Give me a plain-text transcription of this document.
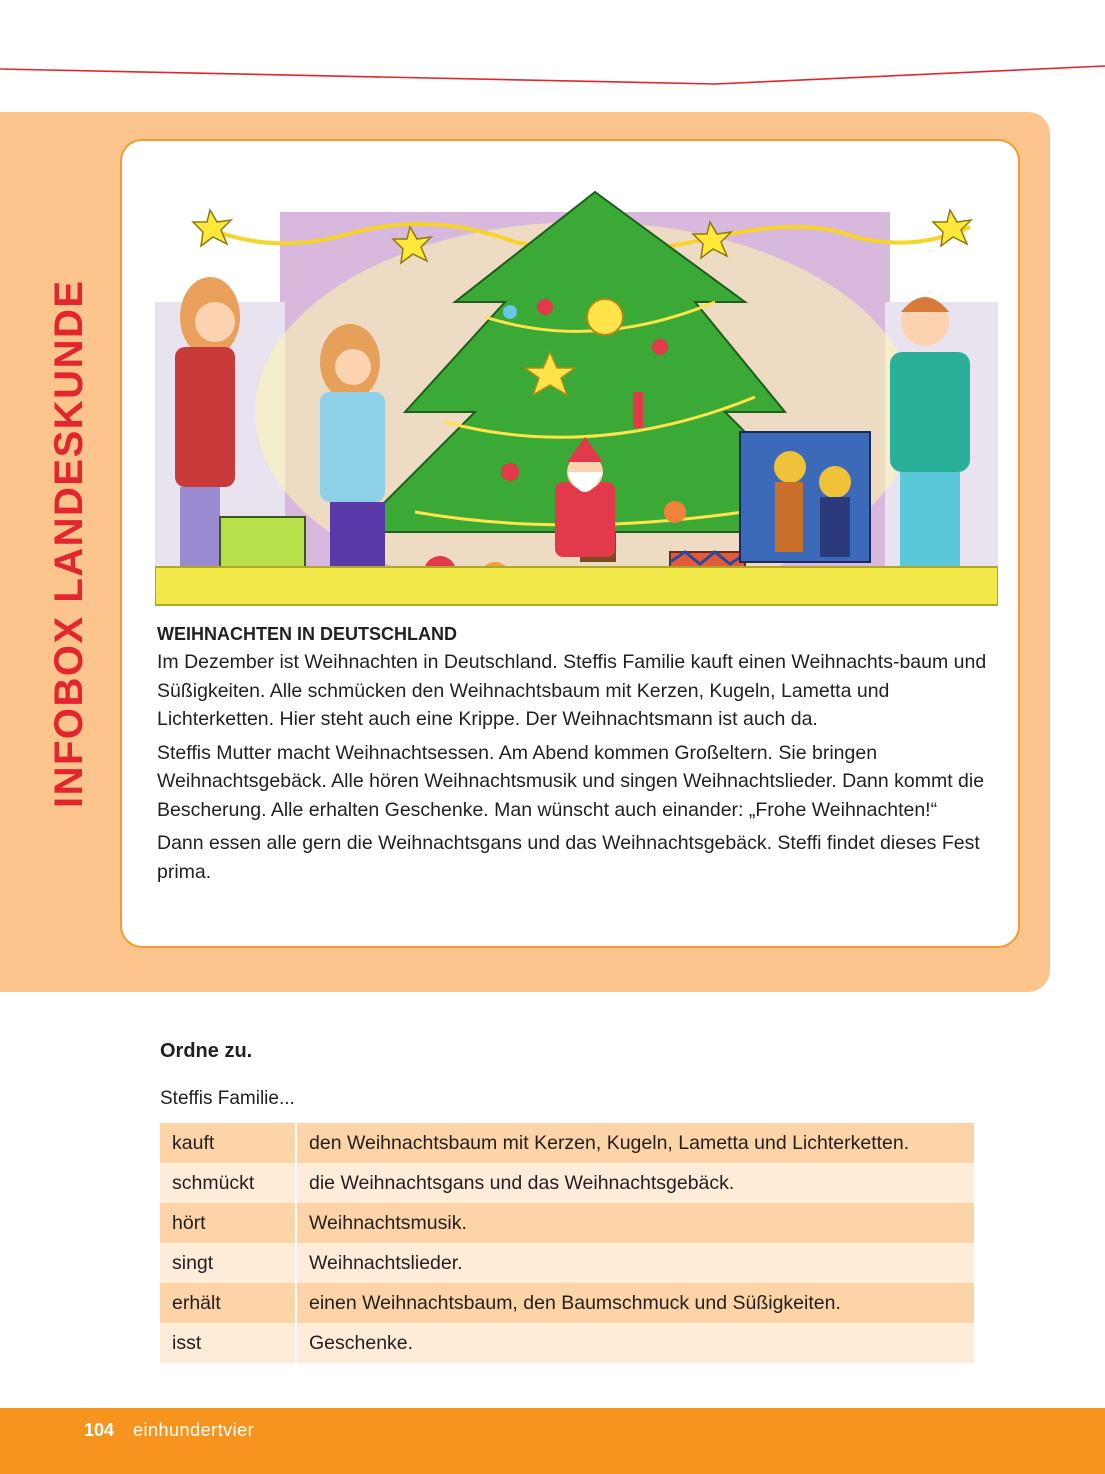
INFOBOX LANDESKUNDE	WEIHNACHTEN IN DEUTSCHLAND

Im Dezember ist Weihnachten in Deutschland. Steffis Familie kauft einen Weihnachts-baum und Süßigkeiten. Alle schmücken den Weihnachtsbaum mit Kerzen, Kugeln, Lametta und Lichterketten. Hier steht auch eine Krippe. Der Weihnachtsmann ist auch da.

Steffis Mutter macht Weihnachtsessen. Am Abend kommen Großeltern. Sie bringen Weihnachtsgebäck. Alle hören Weihnachtsmusik und singen Weihnachtslieder. Dann kommt die Bescherung. Alle erhalten Geschenke. Man wünscht auch einander: „Frohe Weihnachten!“

Dann essen alle gern die Weihnachtsgans und das Weihnachtsgebäck. Steffi findet dieses Fest prima.

Ordne zu.
Steffis Familie...
kauft	den Weihnachtsbaum mit Kerzen, Kugeln, Lametta und Lichterketten.
schmückt	die Weihnachtsgans und das Weihnachtsgebäck.
hört	Weihnachtsmusik.
singt	Weihnachtslieder.
erhält	einen Weihnachtsbaum, den Baumschmuck und Süßigkeiten.
isst	Geschenke.
104 einhundertvier
